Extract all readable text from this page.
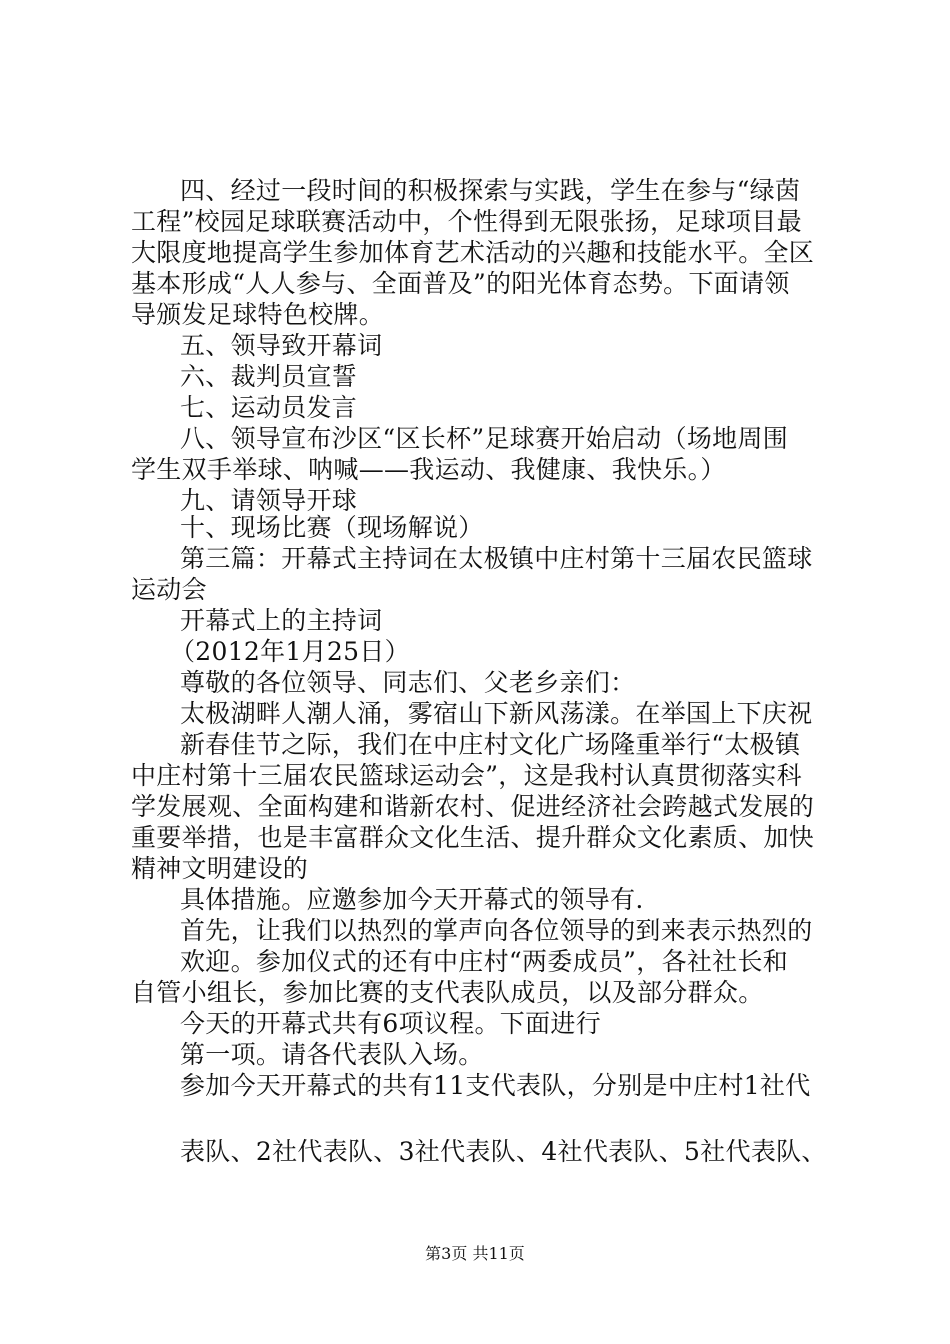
四、经过一段时间的积极探索与实践，学生在参与“绿茵
工程”校园足球联赛活动中，个性得到无限张扬，足球项目最
大限度地提高学生参加体育艺术活动的兴趣和技能水平。全区
基本形成“人人参与、全面普及”的阳光体育态势。下面请领
导颁发足球特色校牌。
五、领导致开幕词
六、裁判员宣誓
七、运动员发言
八、领导宣布沙区“区长杯”足球赛开始启动（场地周围
学生双手举球、呐喊——我运动、我健康、我快乐。）
九、请领导开球
十、现场比赛（现场解说）
第三篇：开幕式主持词在太极镇中庄村第十三届农民篮球
运动会
开幕式上的主持词
（2012年1月25日）
尊敬的各位领导、同志们、父老乡亲们：
太极湖畔人潮人涌，雾宿山下新风荡漾。在举国上下庆祝
新春佳节之际，我们在中庄村文化广场隆重举行“太极镇
中庄村第十三届农民篮球运动会”，这是我村认真贯彻落实科
学发展观、全面构建和谐新农村、促进经济社会跨越式发展的
重要举措，也是丰富群众文化生活、提升群众文化素质、加快
精神文明建设的
具体措施。应邀参加今天开幕式的领导有.
首先，让我们以热烈的掌声向各位领导的到来表示热烈的
欢迎。参加仪式的还有中庄村“两委成员”，各社社长和
自管小组长，参加比赛的支代表队成员，以及部分群众。
今天的开幕式共有6项议程。下面进行
第一项。请各代表队入场。
参加今天开幕式的共有11支代表队，分别是中庄村1社代
表队、2社代表队、3社代表队、4社代表队、5社代表队、
第3页 共11页
